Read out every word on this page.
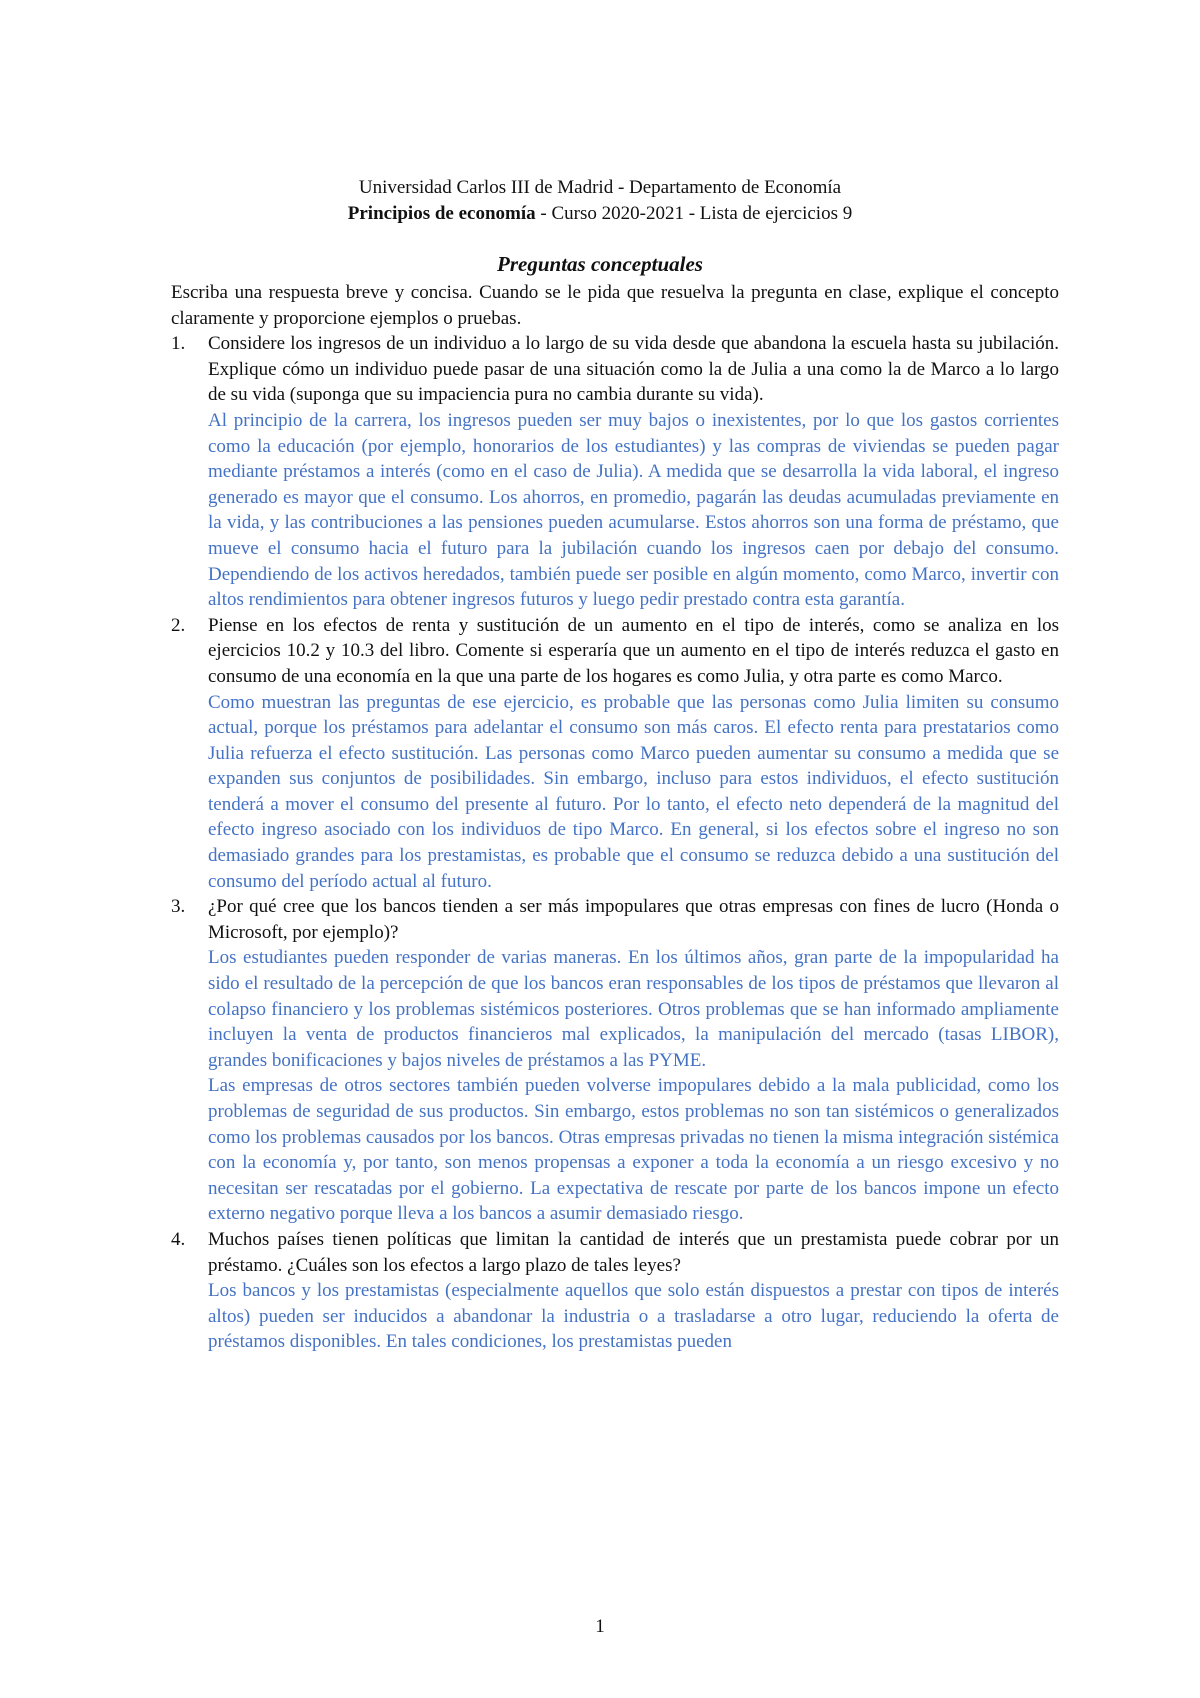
Universidad Carlos III de Madrid - Departamento de Economía
Principios de economía - Curso 2020-2021 - Lista de ejercicios 9
Preguntas conceptuales

Escriba una respuesta breve y concisa. Cuando se le pida que resuelva la pregunta en clase, explique el concepto claramente y proporcione ejemplos o pruebas.

1. Considere los ingresos de un individuo a lo largo de su vida desde que abandona la escuela hasta su jubilación. Explique cómo un individuo puede pasar de una situación como la de Julia a una como la de Marco a lo largo de su vida (suponga que su impaciencia pura no cambia durante su vida).

Al principio de la carrera, los ingresos pueden ser muy bajos o inexistentes, por lo que los gastos corrientes como la educación (por ejemplo, honorarios de los estudiantes) y las compras de viviendas se pueden pagar mediante préstamos a interés (como en el caso de Julia). A medida que se desarrolla la vida laboral, el ingreso generado es mayor que el consumo. Los ahorros, en promedio, pagarán las deudas acumuladas previamente en la vida, y las contribuciones a las pensiones pueden acumularse. Estos ahorros son una forma de préstamo, que mueve el consumo hacia el futuro para la jubilación cuando los ingresos caen por debajo del consumo. Dependiendo de los activos heredados, también puede ser posible en algún momento, como Marco, invertir con altos rendimientos para obtener ingresos futuros y luego pedir prestado contra esta garantía.

2. Piense en los efectos de renta y sustitución de un aumento en el tipo de interés, como se analiza en los ejercicios 10.2 y 10.3 del libro. Comente si esperaría que un aumento en el tipo de interés reduzca el gasto en consumo de una economía en la que una parte de los hogares es como Julia, y otra parte es como Marco.

Como muestran las preguntas de ese ejercicio, es probable que las personas como Julia limiten su consumo actual, porque los préstamos para adelantar el consumo son más caros. El efecto renta para prestatarios como Julia refuerza el efecto sustitución. Las personas como Marco pueden aumentar su consumo a medida que se expanden sus conjuntos de posibilidades. Sin embargo, incluso para estos individuos, el efecto sustitución tenderá a mover el consumo del presente al futuro. Por lo tanto, el efecto neto dependerá de la magnitud del efecto ingreso asociado con los individuos de tipo Marco. En general, si los efectos sobre el ingreso no son demasiado grandes para los prestamistas, es probable que el consumo se reduzca debido a una sustitución del consumo del período actual al futuro.

3. ¿Por qué cree que los bancos tienden a ser más impopulares que otras empresas con fines de lucro (Honda o Microsoft, por ejemplo)?

Los estudiantes pueden responder de varias maneras. En los últimos años, gran parte de la impopularidad ha sido el resultado de la percepción de que los bancos eran responsables de los tipos de préstamos que llevaron al colapso financiero y los problemas sistémicos posteriores. Otros problemas que se han informado ampliamente incluyen la venta de productos financieros mal explicados, la manipulación del mercado (tasas LIBOR), grandes bonificaciones y bajos niveles de préstamos a las PYME.

Las empresas de otros sectores también pueden volverse impopulares debido a la mala publicidad, como los problemas de seguridad de sus productos. Sin embargo, estos problemas no son tan sistémicos o generalizados como los problemas causados por los bancos. Otras empresas privadas no tienen la misma integración sistémica con la economía y, por tanto, son menos propensas a exponer a toda la economía a un riesgo excesivo y no necesitan ser rescatadas por el gobierno. La expectativa de rescate por parte de los bancos impone un efecto externo negativo porque lleva a los bancos a asumir demasiado riesgo.

4. Muchos países tienen políticas que limitan la cantidad de interés que un prestamista puede cobrar por un préstamo. ¿Cuáles son los efectos a largo plazo de tales leyes?

Los bancos y los prestamistas (especialmente aquellos que solo están dispuestos a prestar con tipos de interés altos) pueden ser inducidos a abandonar la industria o a trasladarse a otro lugar, reduciendo la oferta de préstamos disponibles. En tales condiciones, los prestamistas pueden

1
